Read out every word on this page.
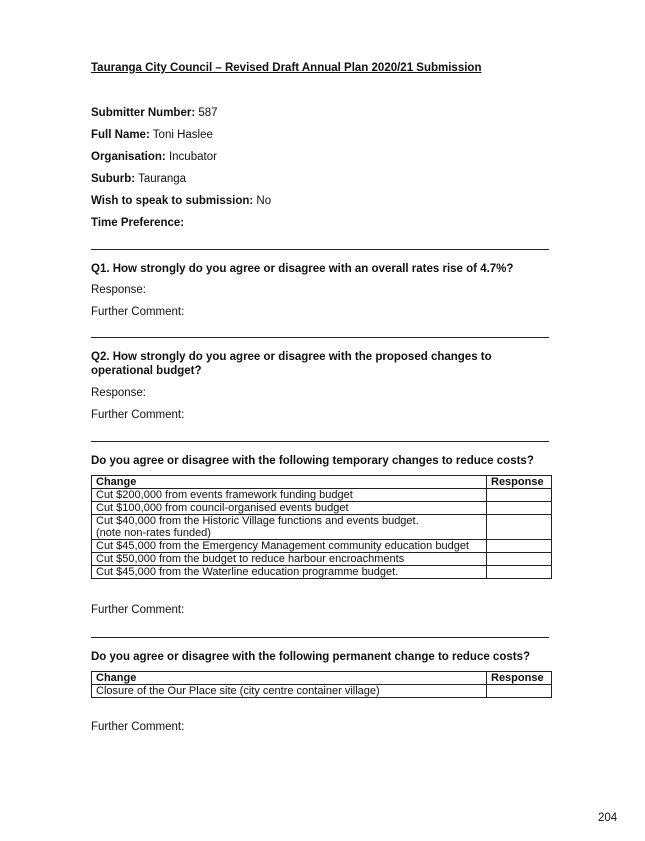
Tauranga City Council – Revised Draft Annual Plan 2020/21 Submission
Submitter Number: 587
Full Name: Toni Haslee
Organisation: Incubator
Suburb: Tauranga
Wish to speak to submission: No
Time Preference:
Q1. How strongly do you agree or disagree with an overall rates rise of 4.7%?
Response:
Further Comment:
Q2. How strongly do you agree or disagree with the proposed changes to operational budget?
Response:
Further Comment:
Do you agree or disagree with the following temporary changes to reduce costs?
Change	Response
Cut $200,000 from events framework funding budget	
Cut $100,000 from council-organised events budget	

Cut $40,000 from the Historic Village functions and events budget.
(note non-rates funded)	

Cut $45,000 from the Emergency Management community education budget	
Cut $50,000 from the budget to reduce harbour encroachments	
Cut $45,000 from the Waterline education programme budget.	
Further Comment:
Do you agree or disagree with the following permanent change to reduce costs?
Change	Response
Closure of the Our Place site (city centre container village)	
Further Comment:
204
